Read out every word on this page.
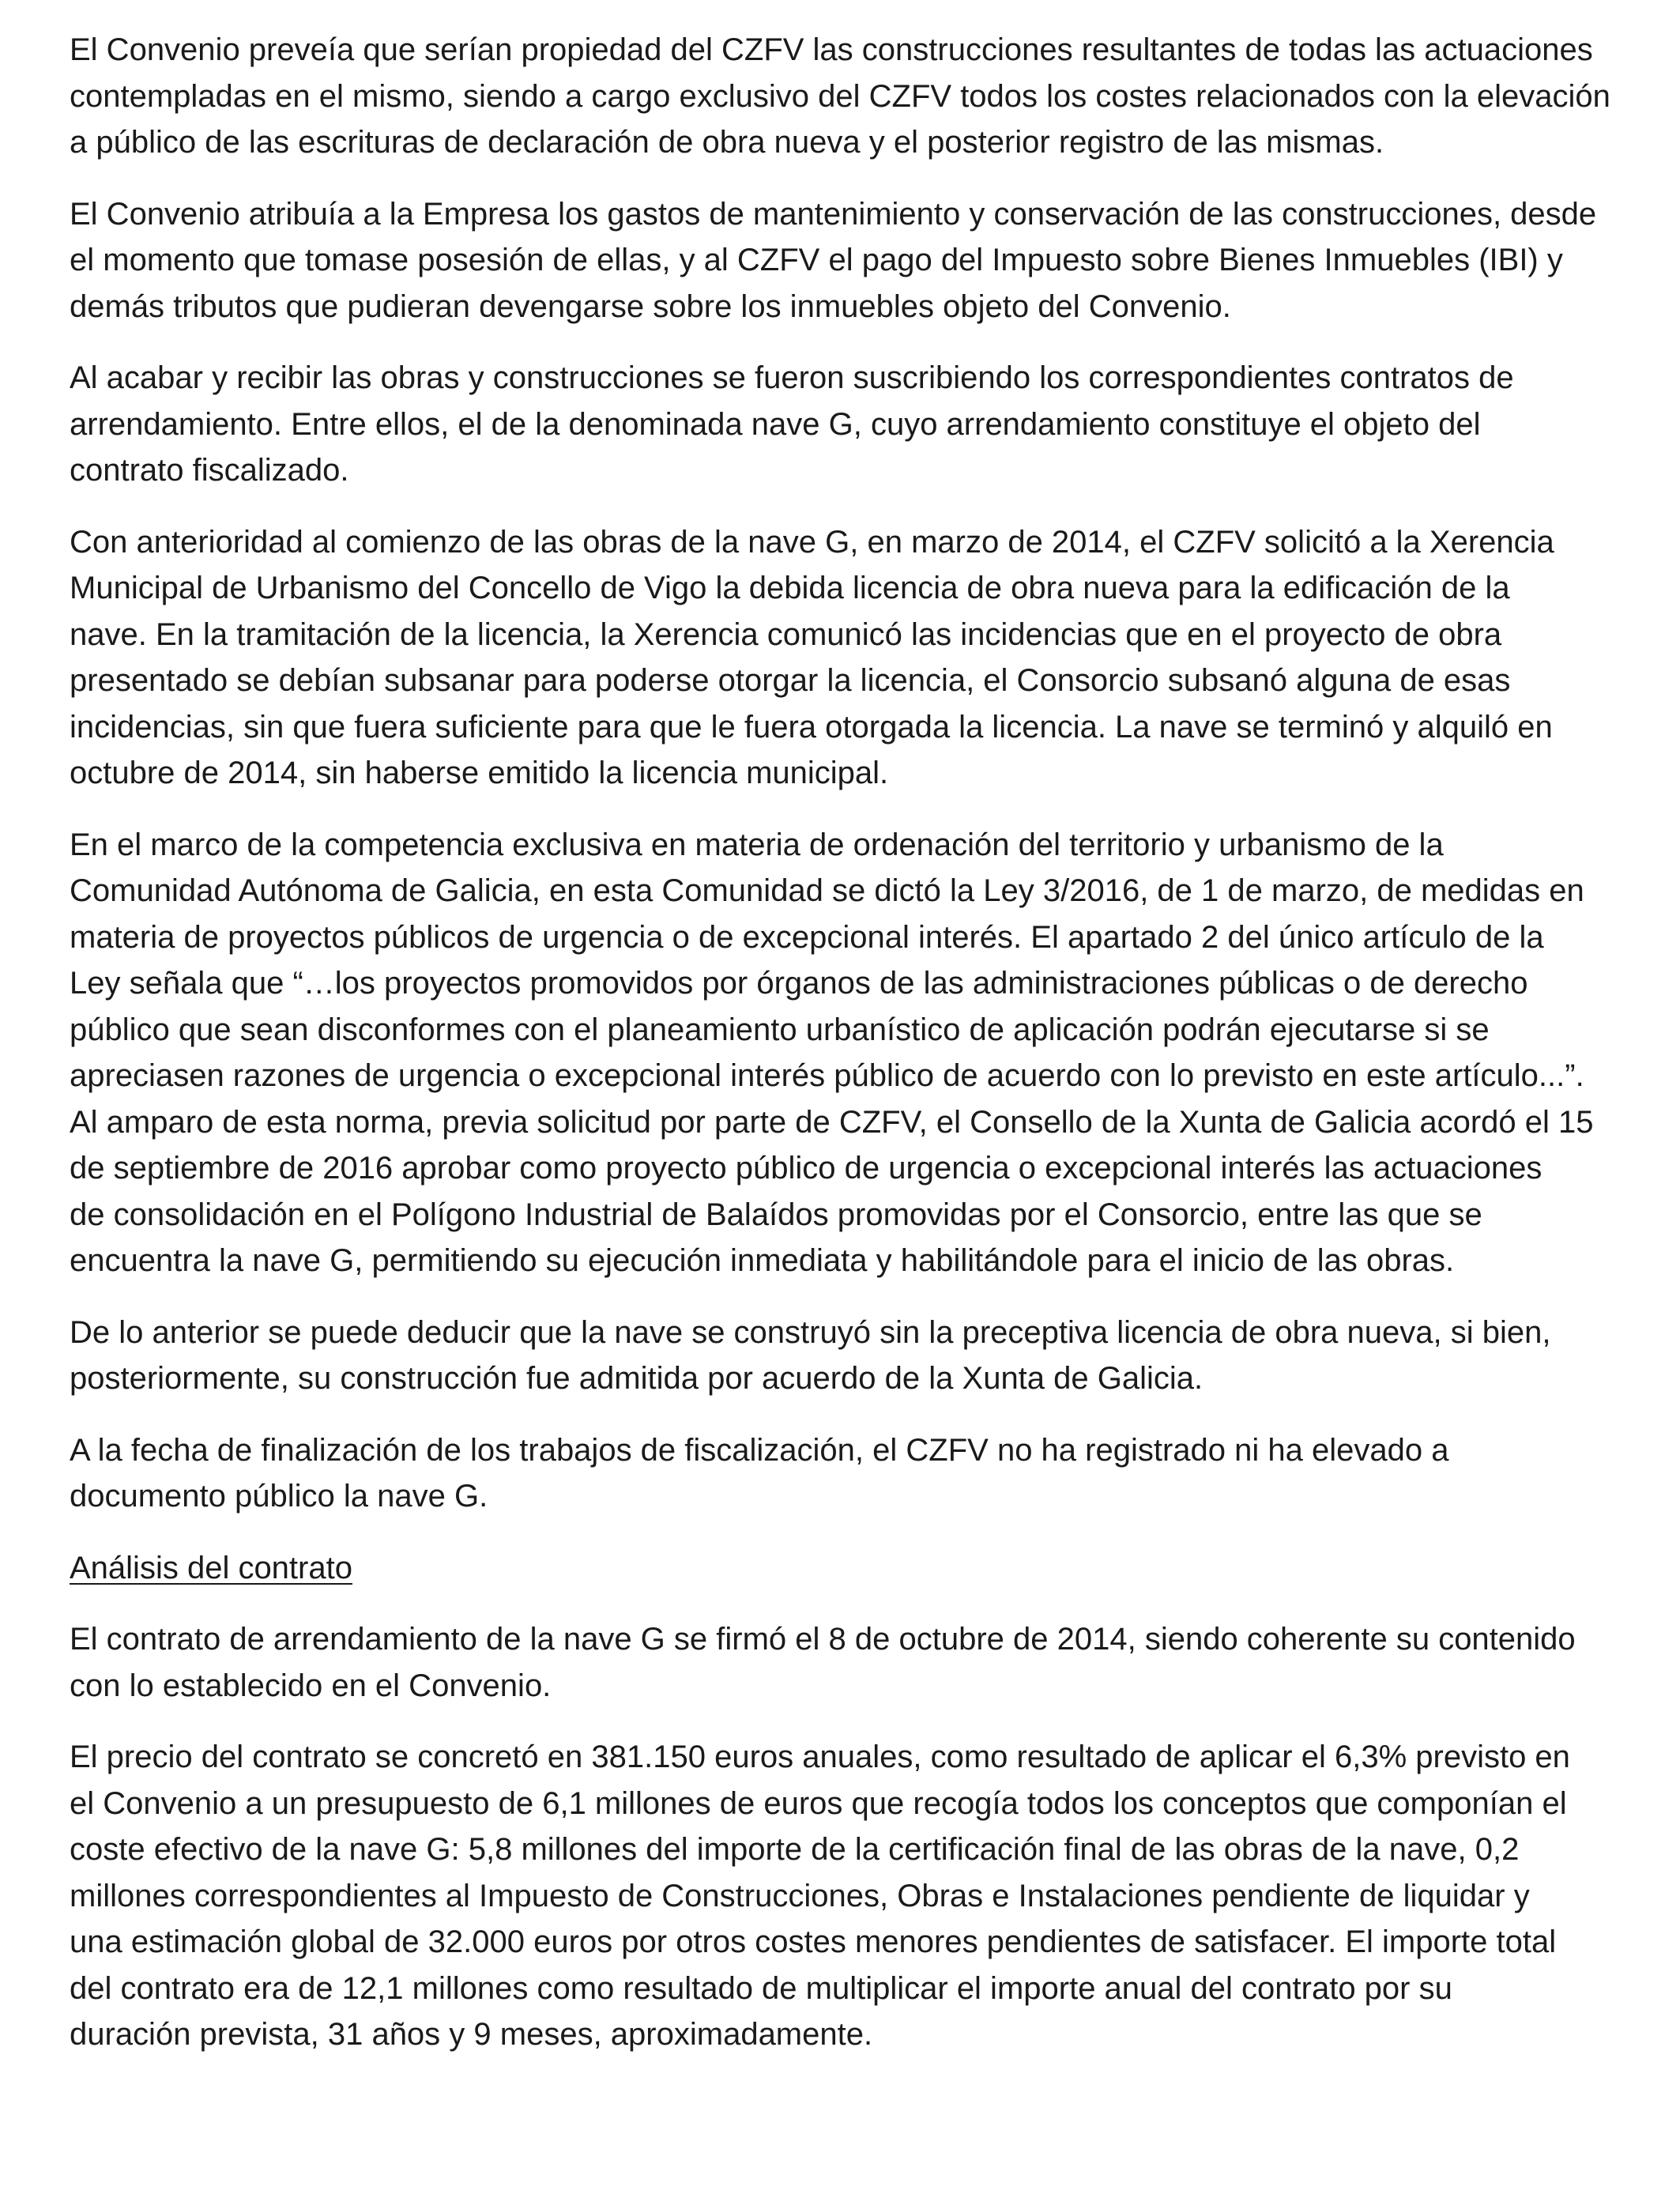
El Convenio preveía que serían propiedad del CZFV las construcciones resultantes de todas las actuaciones
contempladas en el mismo, siendo a cargo exclusivo del CZFV todos los costes relacionados con la elevación
a público de las escrituras de declaración de obra nueva y el posterior registro de las mismas.

El Convenio atribuía a la Empresa los gastos de mantenimiento y conservación de las construcciones, desde
el momento que tomase posesión de ellas, y al CZFV el pago del Impuesto sobre Bienes Inmuebles (IBI) y
demás tributos que pudieran devengarse sobre los inmuebles objeto del Convenio.

Al acabar y recibir las obras y construcciones se fueron suscribiendo los correspondientes contratos de
arrendamiento. Entre ellos, el de la denominada nave G, cuyo arrendamiento constituye el objeto del
contrato fiscalizado.

Con anterioridad al comienzo de las obras de la nave G, en marzo de 2014, el CZFV solicitó a la Xerencia
Municipal de Urbanismo del Concello de Vigo la debida licencia de obra nueva para la edificación de la
nave. En la tramitación de la licencia, la Xerencia comunicó las incidencias que en el proyecto de obra
presentado se debían subsanar para poderse otorgar la licencia, el Consorcio subsanó alguna de esas
incidencias, sin que fuera suficiente para que le fuera otorgada la licencia. La nave se terminó y alquiló en
octubre de 2014, sin haberse emitido la licencia municipal.

En el marco de la competencia exclusiva en materia de ordenación del territorio y urbanismo de la
Comunidad Autónoma de Galicia, en esta Comunidad se dictó la Ley 3/2016, de 1 de marzo, de medidas en
materia de proyectos públicos de urgencia o de excepcional interés. El apartado 2 del único artículo de la
Ley señala que “…los proyectos promovidos por órganos de las administraciones públicas o de derecho
público que sean disconformes con el planeamiento urbanístico de aplicación podrán ejecutarse si se
apreciasen razones de urgencia o excepcional interés público de acuerdo con lo previsto en este artículo...”.
Al amparo de esta norma, previa solicitud por parte de CZFV, el Consello de la Xunta de Galicia acordó el 15
de septiembre de 2016 aprobar como proyecto público de urgencia o excepcional interés las actuaciones
de consolidación en el Polígono Industrial de Balaídos promovidas por el Consorcio, entre las que se
encuentra la nave G, permitiendo su ejecución inmediata y habilitándole para el inicio de las obras.

De lo anterior se puede deducir que la nave se construyó sin la preceptiva licencia de obra nueva, si bien,
posteriormente, su construcción fue admitida por acuerdo de la Xunta de Galicia.

A la fecha de finalización de los trabajos de fiscalización, el CZFV no ha registrado ni ha elevado a
documento público la nave G.

Análisis del contrato

El contrato de arrendamiento de la nave G se firmó el 8 de octubre de 2014, siendo coherente su contenido
con lo establecido en el Convenio.

El precio del contrato se concretó en 381.150 euros anuales, como resultado de aplicar el 6,3% previsto en
el Convenio a un presupuesto de 6,1 millones de euros que recogía todos los conceptos que componían el
coste efectivo de la nave G: 5,8 millones del importe de la certificación final de las obras de la nave, 0,2
millones correspondientes al Impuesto de Construcciones, Obras e Instalaciones pendiente de liquidar y
una estimación global de 32.000 euros por otros costes menores pendientes de satisfacer. El importe total
del contrato era de 12,1 millones como resultado de multiplicar el importe anual del contrato por su
duración prevista, 31 años y 9 meses, aproximadamente.
